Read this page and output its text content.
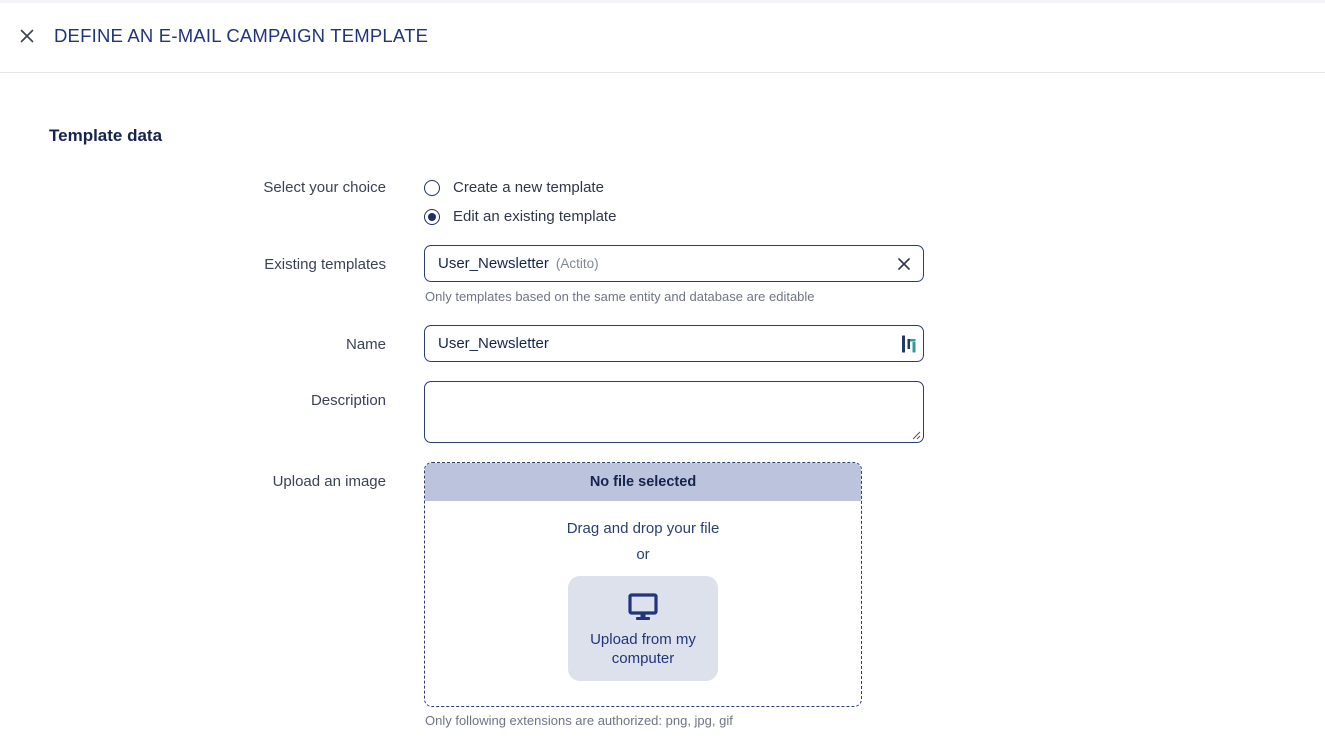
DEFINE AN E-MAIL CAMPAIGN TEMPLATE
Template data
Select your choice	Create a new template
Edit an existing template
Existing templates	User_Newsletter (Actito)
Only templates based on the same entity and database are editable
Name	User_Newsletter
Description
Upload an image	No file selected
Drag and drop your file
or
Upload from my computer
Only following extensions are authorized: png, jpg, gif
